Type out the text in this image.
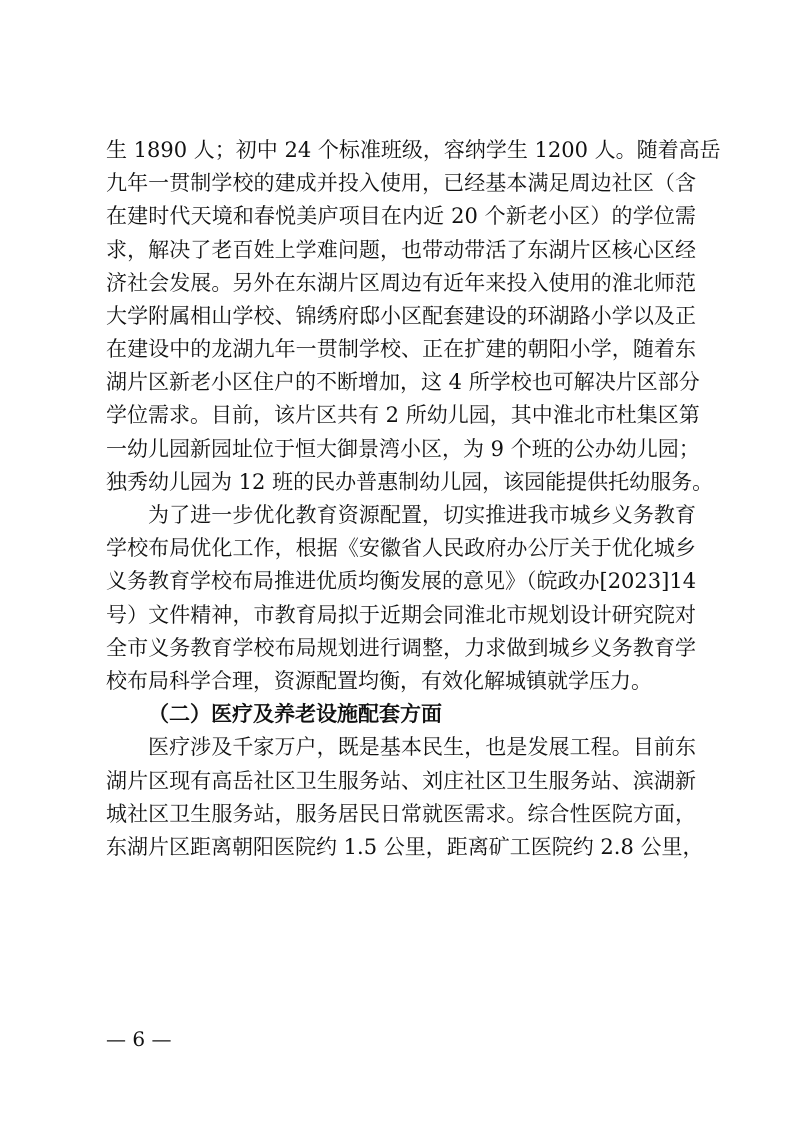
生 1890 人；初中 24 个标准班级，容纳学生 1200 人。随着高岳
九年一贯制学校的建成并投入使用，已经基本满足周边社区（含
在建时代天境和春悦美庐项目在内近 20 个新老小区）的学位需
求，解决了老百姓上学难问题，也带动带活了东湖片区核心区经
济社会发展。另外在东湖片区周边有近年来投入使用的淮北师范
大学附属相山学校、锦绣府邸小区配套建设的环湖路小学以及正
在建设中的龙湖九年一贯制学校、正在扩建的朝阳小学，随着东
湖片区新老小区住户的不断增加，这 4 所学校也可解决片区部分
学位需求。目前，该片区共有 2 所幼儿园，其中淮北市杜集区第
一幼儿园新园址位于恒大御景湾小区，为 9 个班的公办幼儿园；
独秀幼儿园为 12 班的民办普惠制幼儿园，该园能提供托幼服务。
为了进一步优化教育资源配置，切实推进我市城乡义务教育
学校布局优化工作，根据《安徽省人民政府办公厅关于优化城乡
义务教育学校布局推进优质均衡发展的意见》（皖政办[2023]14
号）文件精神，市教育局拟于近期会同淮北市规划设计研究院对
全市义务教育学校布局规划进行调整，力求做到城乡义务教育学
校布局科学合理，资源配置均衡，有效化解城镇就学压力。
（二）医疗及养老设施配套方面
医疗涉及千家万户，既是基本民生，也是发展工程。目前东
湖片区现有高岳社区卫生服务站、刘庄社区卫生服务站、滨湖新
城社区卫生服务站，服务居民日常就医需求。综合性医院方面，
东湖片区距离朝阳医院约 1.5 公里，距离矿工医院约 2.8 公里，
— 6 —
